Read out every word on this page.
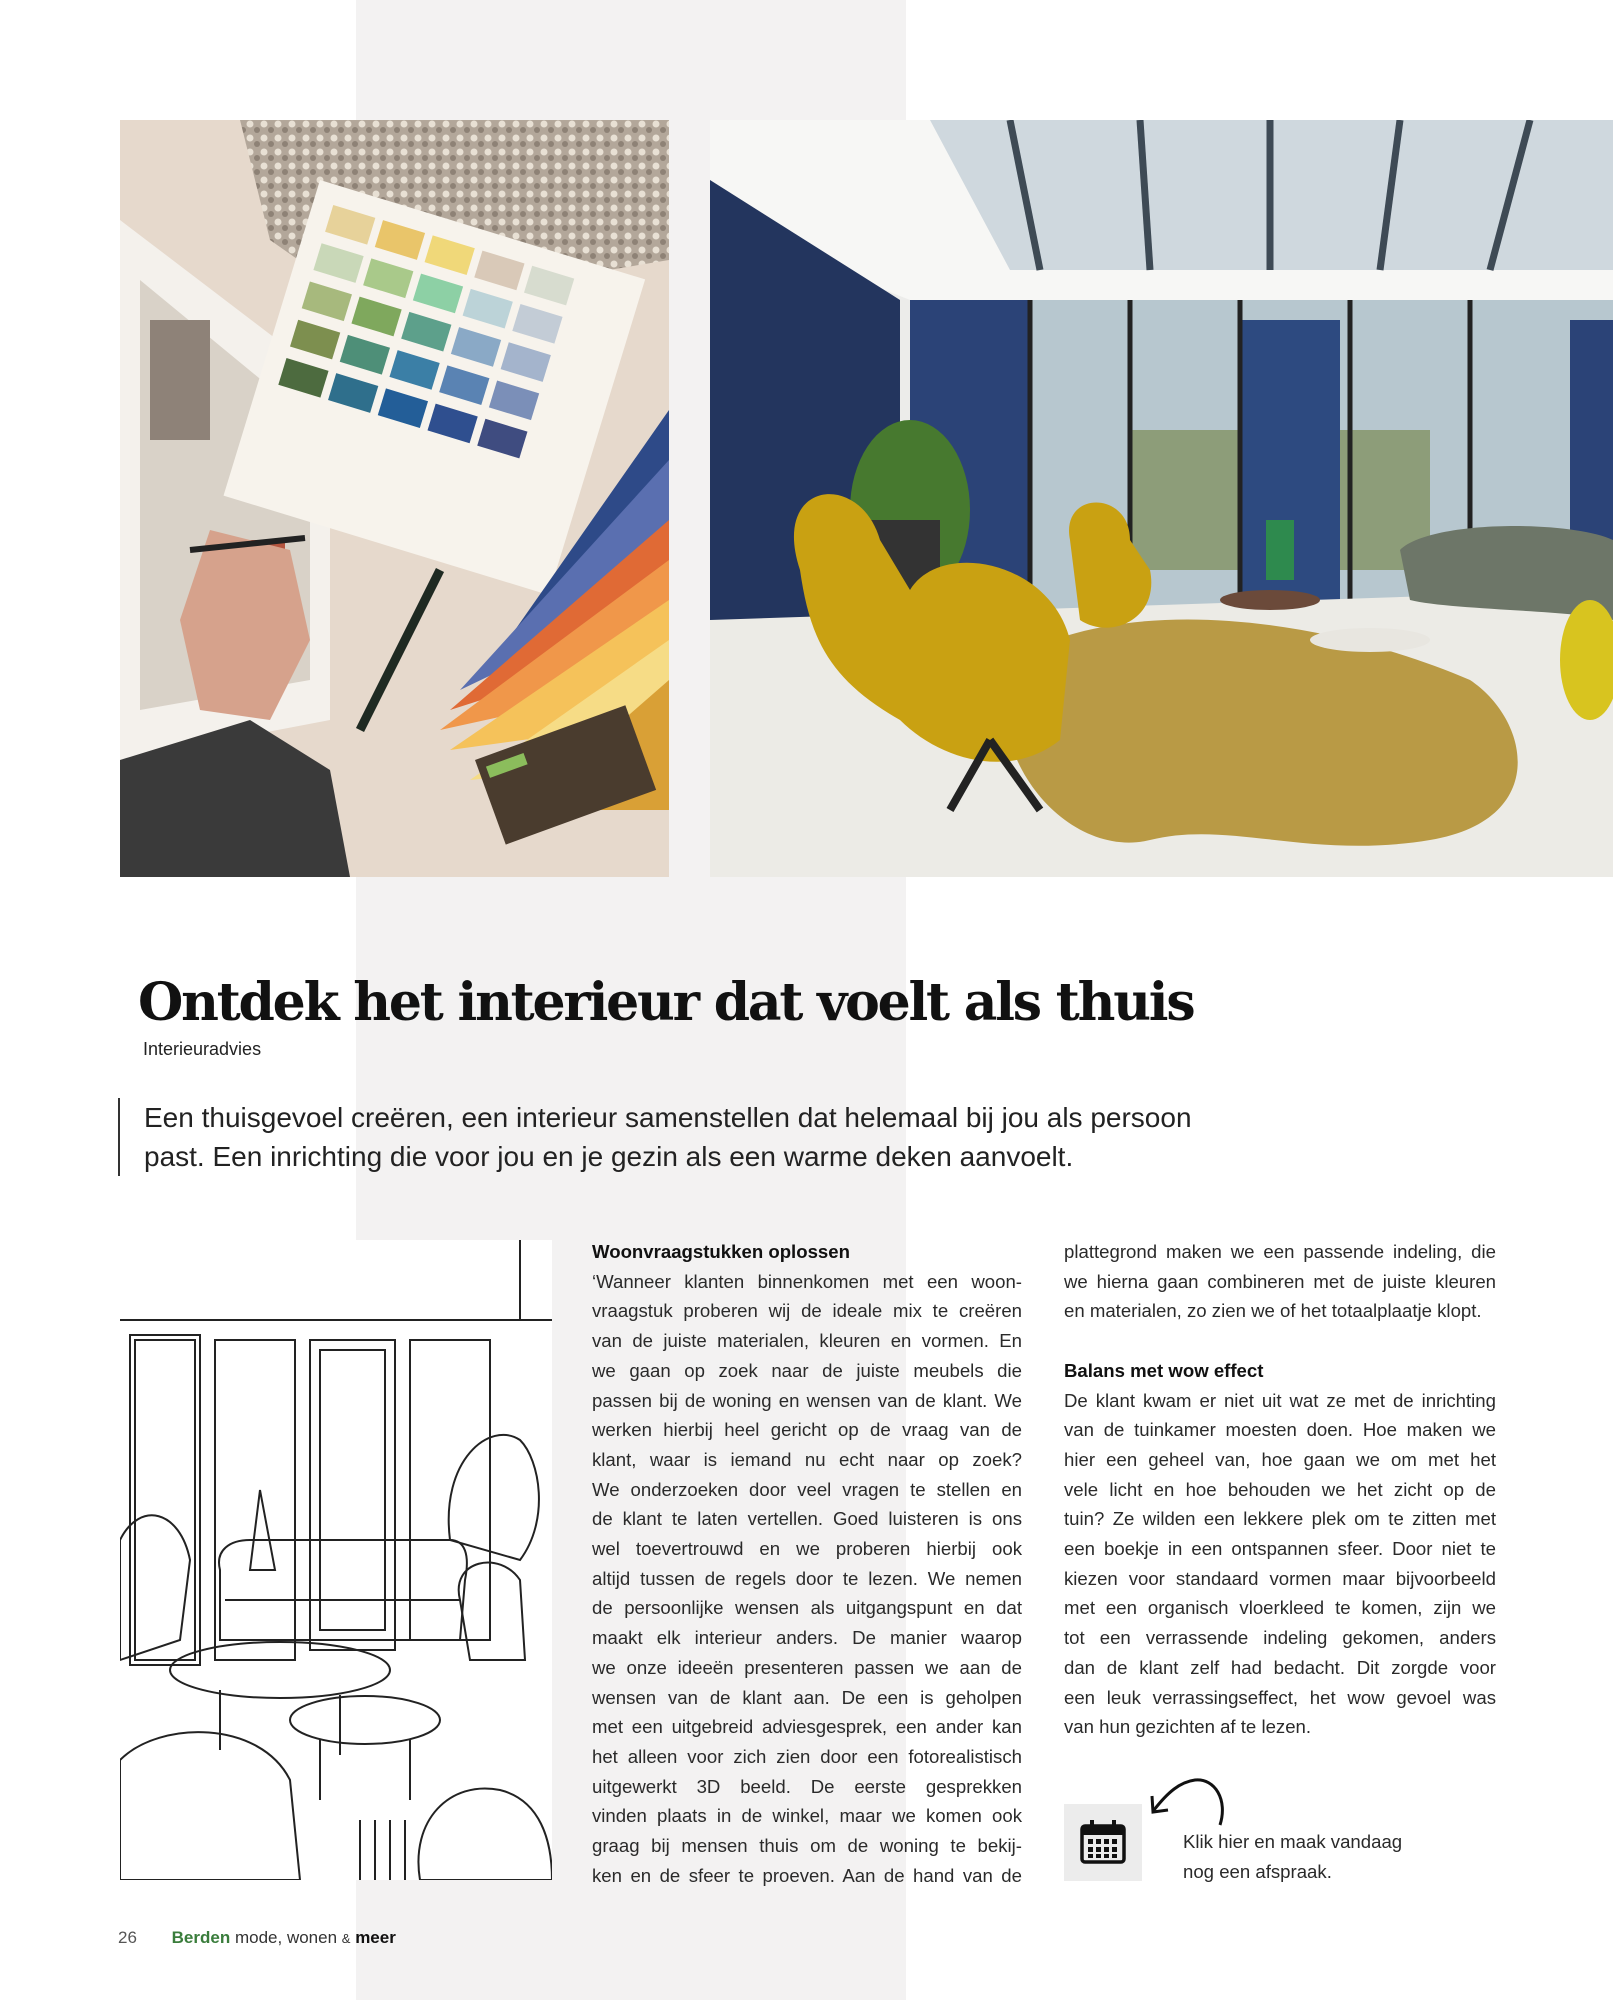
Ontdek het interieur dat voelt als thuis
Interieuradvies
Een thuisgevoel creëren, een interieur samenstellen dat helemaal bij jou als persoon
past. Een inrichting die voor jou en je gezin als een warme deken aanvoelt.
Woonvraagstukken oplossen

‘Wanneer klanten binnenkomen met een woon-
vraagstuk proberen wij de ideale mix te creëren
van de juiste materialen, kleuren en vormen. En
we gaan op zoek naar de juiste meubels die
passen bij de woning en wensen van de klant. We
werken hierbij heel gericht op de vraag van de
klant, waar is iemand nu echt naar op zoek?
We onderzoeken door veel vragen te stellen en
de klant te laten vertellen. Goed luisteren is ons
wel toevertrouwd en we proberen hierbij ook
altijd tussen de regels door te lezen. We nemen
de persoonlijke wensen als uitgangspunt en dat
maakt elk interieur anders. De manier waarop
we onze ideeën presenteren passen we aan de
wensen van de klant aan. De een is geholpen
met een uitgebreid adviesgesprek, een ander kan
het alleen voor zich zien door een fotorealistisch
uitgewerkt 3D beeld. De eerste gesprekken
vinden plaats in de winkel, maar we komen ook
graag bij mensen thuis om de woning te bekij-
ken en de sfeer te proeven. Aan de hand van de

plattegrond maken we een passende indeling, die
we hierna gaan combineren met de juiste kleuren
en materialen, zo zien we of het totaalplaatje klopt.

Balans met wow effect

De klant kwam er niet uit wat ze met de inrichting
van de tuinkamer moesten doen. Hoe maken we
hier een geheel van, hoe gaan we om met het
vele licht en hoe behouden we het zicht op de
tuin? Ze wilden een lekkere plek om te zitten met
een boekje in een ontspannen sfeer. Door niet te
kiezen voor standaard vormen maar bijvoorbeeld
met een organisch vloerkleed te komen, zijn we
tot een verrassende indeling gekomen, anders
dan de klant zelf had bedacht. Dit zorgde voor
een leuk verrassingseffect, het wow gevoel was
van hun gezichten af te lezen.

Klik hier en maak vandaag
nog een afspraak.
26 Berden mode, wonen & meer
